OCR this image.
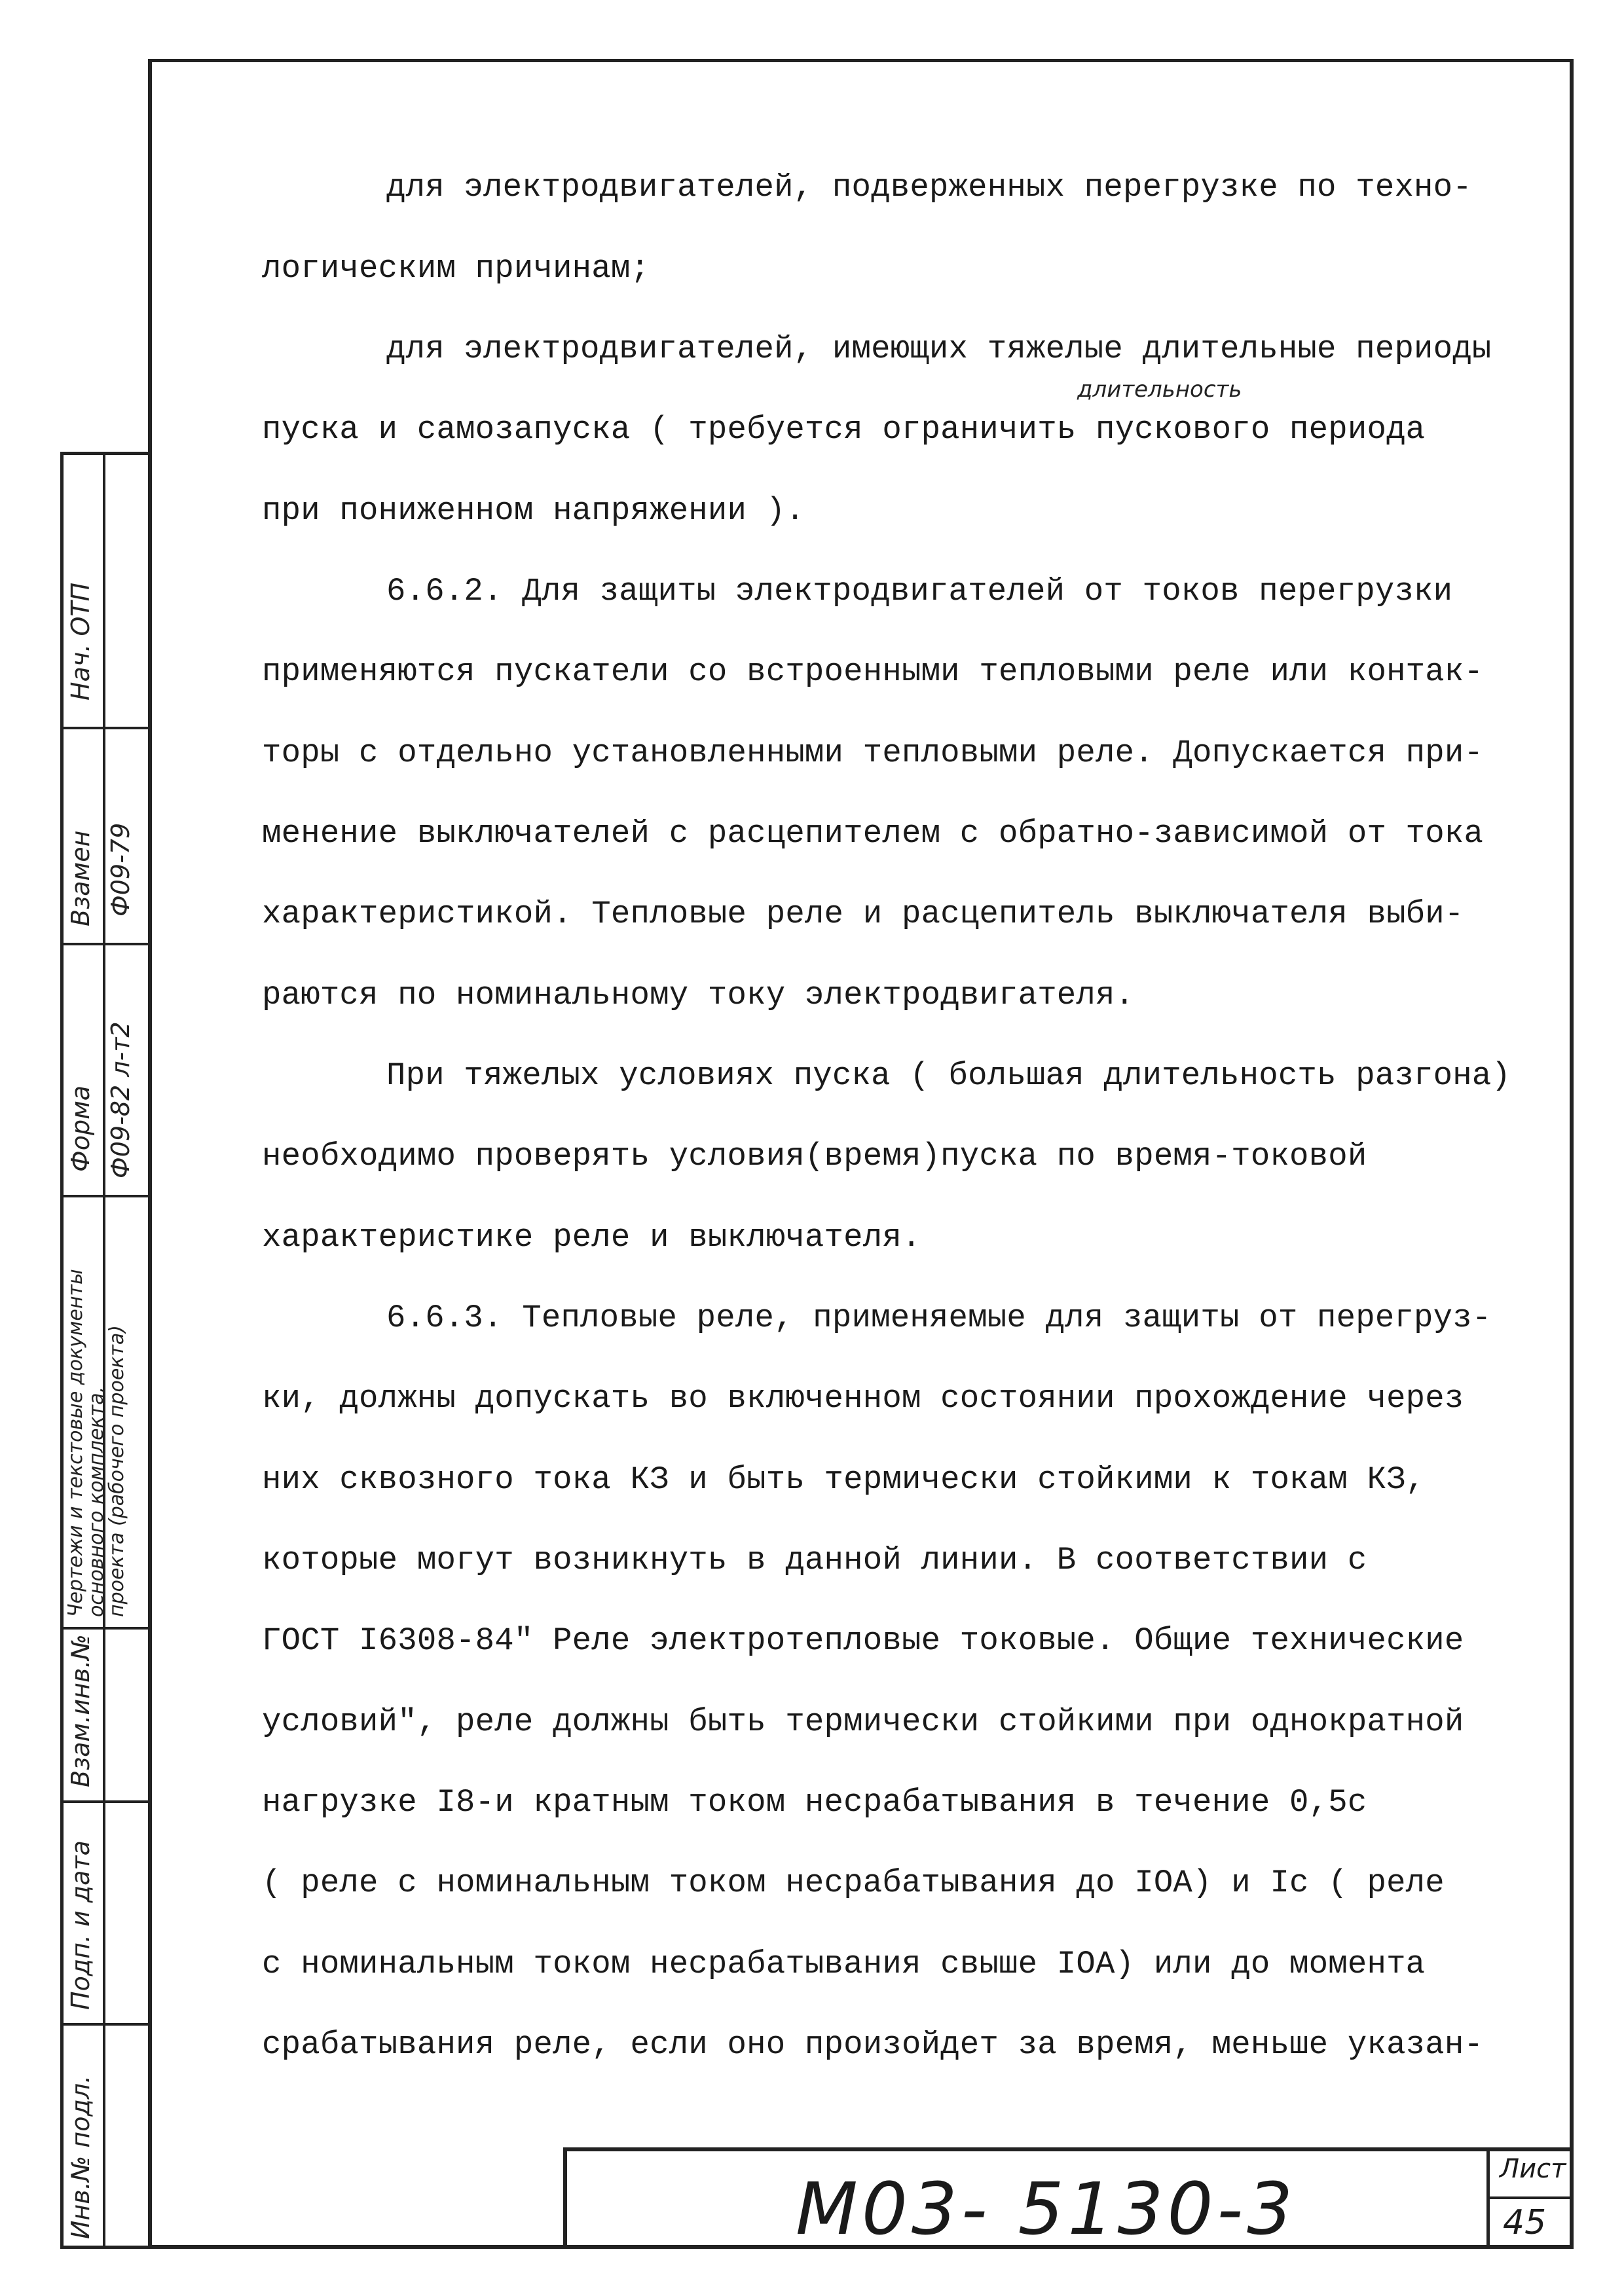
Нач. ОТП
Взамен Ф09-79
Форма Ф09-82 л-т2
Чертежи и текстовые документы
основного комплекта,
проекта (рабочего проекта)
Взам.инв.№
Подп. и дата
Инв.№ подл.
длительность
для электродвигателей, подверженных перегрузке по техно-
логическим причинам;
для электродвигателей, имеющих тяжелые длительные периоды
пуска и самозапуска ( требуется ограничить пускового периода
при пониженном напряжении ).
6.6.2. Для защиты электродвигателей от токов перегрузки
применяются пускатели со встроенными тепловыми реле или контак-
торы с отдельно установленными тепловыми реле. Допускается при-
менение выключателей с расцепителем с обратно-зависимой от тока
характеристикой. Тепловые реле и расцепитель выключателя выби-
раются по номинальному току электродвигателя.
При тяжелых условиях пуска ( большая длительность разгона)
необходимо проверять условия(время)пуска по время-токовой
характеристике реле и выключателя.
6.6.3. Тепловые реле, применяемые для защиты от перегруз-
ки, должны допускать во включенном состоянии прохождение через
них сквозного тока КЗ и быть термически стойкими к токам КЗ,
которые могут возникнуть в данной линии. В соответствии с
ГОСТ I6308-84" Реле электротепловые токовые. Общие технические
условий", реле должны быть термически стойкими при однократной
нагрузке I8-и кратным током несрабатывания в течение 0,5с
( реле с номинальным током несрабатывания до IOA) и Iс ( реле
с номинальным током несрабатывания свыше IOA) или до момента
срабатывания реле, если оно произойдет за время, меньше указан-
М03- 5130-3	Лист
45
